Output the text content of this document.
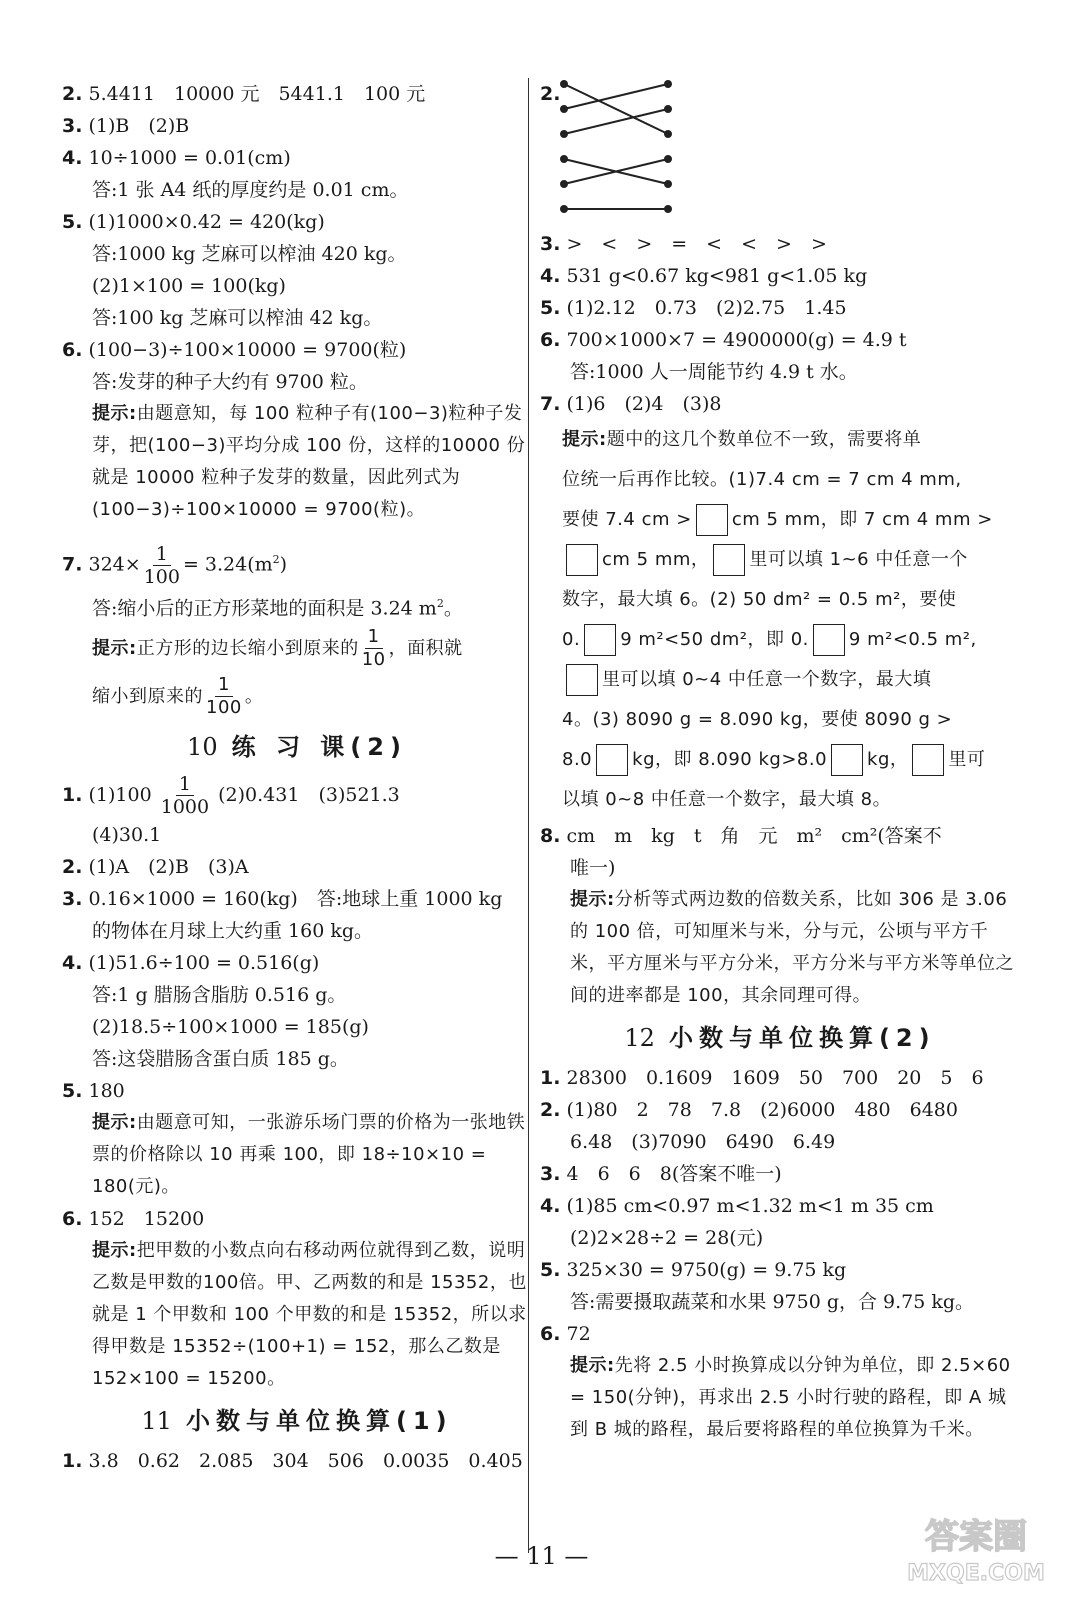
2. 5.4411　10000 元　5441.1　100 元
3. (1)B　(2)B
4. 10÷1000 = 0.01(cm)
答:1 张 A4 纸的厚度约是 0.01 cm。
5. (1)1000×0.42 = 420(kg)
答:1000 kg 芝麻可以榨油 420 kg。
(2)1×100 = 100(kg)
答:100 kg 芝麻可以榨油 42 kg。
6. (100−3)÷100×10000 = 9700(粒)
答:发芽的种子大约有 9700 粒。
提示:由题意知，每 100 粒种子有(100−3)粒种子发芽，把(100−3)平均分成 100 份，这样的10000 份就是 10000 粒种子发芽的数量，因此列式为(100−3)÷100×10000 = 9700(粒)。
7. $324\times \frac{1}{100} = 3.24(m^2)$
答:缩小后的正方形菜地的面积是 3.24 $m^2$。
提示:正方形的边长缩小到原来的 $\frac{1}{10}$ ，面积就
缩小到原来的 $\frac{1}{100}$ 。
10 练 习 课(2)
1. $(1)100 \frac{1}{1000} (2)0.431$　(3)521.3
(4)30.1
2. (1)A　(2)B　(3)A
3. 0.16×1000 = 160(kg)　答:地球上重 1000 kg
的物体在月球上大约重 160 kg。
4. (1)51.6÷100 = 0.516(g)
答:1 g 腊肠含脂肪 0.516 g。
(2)18.5÷100×1000 = 185(g)
答:这袋腊肠含蛋白质 185 g。
5. 180
提示:由题意可知，一张游乐场门票的价格为一张地铁票的价格除以 10 再乘 100，即 18÷10×10 = 180(元)。
6. 152　15200
提示:把甲数的小数点向右移动两位就得到乙数，说明乙数是甲数的100倍。甲、乙两数的和是 15352，也就是 1 个甲数和 100 个甲数的和是 15352，所以求得甲数是 15352÷(100+1) = 152，那么乙数是 152×100 = 15200。
11 小数与单位换算(1)
1. 3.8　0.62　2.085　304　506　0.0035　0.405
2.
3. >　<　>　=　<　<　>　>
4. 531 g<0.67 kg<981 g<1.05 kg
5. (1)2.12　0.73　(2)2.75　1.45
6. 700×1000×7 = 4900000(g) = 4.9 t
答:1000 人一周能节约 4.9 t 水。
7. (1)6　(2)4　(3)8
提示:题中的这几个数单位不一致，需要将单
位统一后再作比较。(1)7.4 cm = 7 cm 4 mm,
要使 7.4 cm > cm 5 mm，即 7 cm 4 mm >
cm 5 mm， 里可以填 1~6 中任意一个
数字，最大填 6。(2) 50 dm² = 0.5 m²，要使
0. 9 m²<50 dm²，即 0. 9 m²<0.5 m²,
里可以填 0~4 中任意一个数字，最大填
4。(3) 8090 g = 8.090 kg，要使 8090 g >
8.0 kg，即 8.090 kg>8.0 kg， 里可
以填 0~8 中任意一个数字，最大填 8。
8. cm　m　kg　t　角　元　m²　cm²(答案不
唯一)
提示:分析等式两边数的倍数关系，比如 306 是 3.06 的 100 倍，可知厘米与米，分与元，公顷与平方千米，平方厘米与平方分米，平方分米与平方米等单位之间的进率都是 100，其余同理可得。
12 小数与单位换算(2)
1. 28300　0.1609　1609　50　700　20　5　6
2. (1)80　2　78　7.8　(2)6000　480　6480
6.48　(3)7090　6490　6.49
3. 4　6　6　8(答案不唯一)
4. (1)85 cm<0.97 m<1.32 m<1 m 35 cm
(2)2×28÷2 = 28(元)
5. 325×30 = 9750(g) = 9.75 kg
答:需要摄取蔬菜和水果 9750 g，合 9.75 kg。
6. 72
提示:先将 2.5 小时换算成以分钟为单位，即 2.5×60 = 150(分钟)，再求出 2.5 小时行驶的路程，即 A 城到 B 城的路程，最后要将路程的单位换算为千米。
— 11 —	答案圈
MXQE.COM
